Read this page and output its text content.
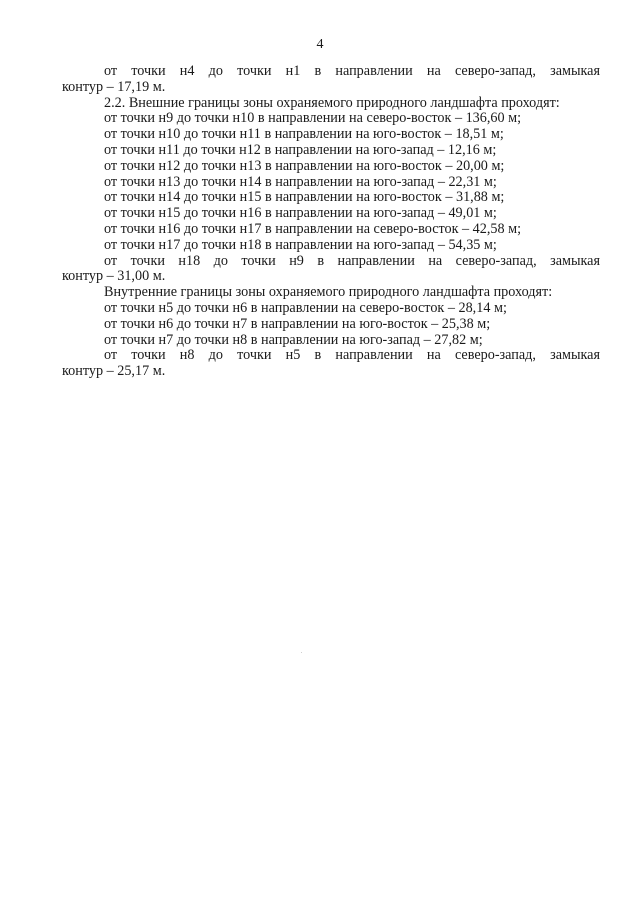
4
от точки н4 до точки н1 в направлении на северо-запад, замыкая
контур – 17,19 м.
2.2. Внешние границы зоны охраняемого природного ландшафта проходят:
от точки н9 до точки н10 в направлении на северо-восток – 136,60 м;
от точки н10 до точки н11 в направлении на юго-восток – 18,51 м;
от точки н11 до точки н12 в направлении на юго-запад – 12,16 м;
от точки н12 до точки н13 в направлении на юго-восток – 20,00 м;
от точки н13 до точки н14 в направлении на юго-запад – 22,31 м;
от точки н14 до точки н15 в направлении на юго-восток – 31,88 м;
от точки н15 до точки н16 в направлении на юго-запад – 49,01 м;
от точки н16 до точки н17 в направлении на северо-восток – 42,58 м;
от точки н17 до точки н18 в направлении на юго-запад – 54,35 м;
от точки н18 до точки н9 в направлении на северо-запад, замыкая
контур – 31,00 м.
Внутренние границы зоны охраняемого природного ландшафта проходят:
от точки н5 до точки н6 в направлении на северо-восток – 28,14 м;
от точки н6 до точки н7 в направлении на юго-восток – 25,38 м;
от точки н7 до точки н8 в направлении на юго-запад – 27,82 м;
от точки н8 до точки н5 в направлении на северо-запад, замыкая
контур – 25,17 м.
